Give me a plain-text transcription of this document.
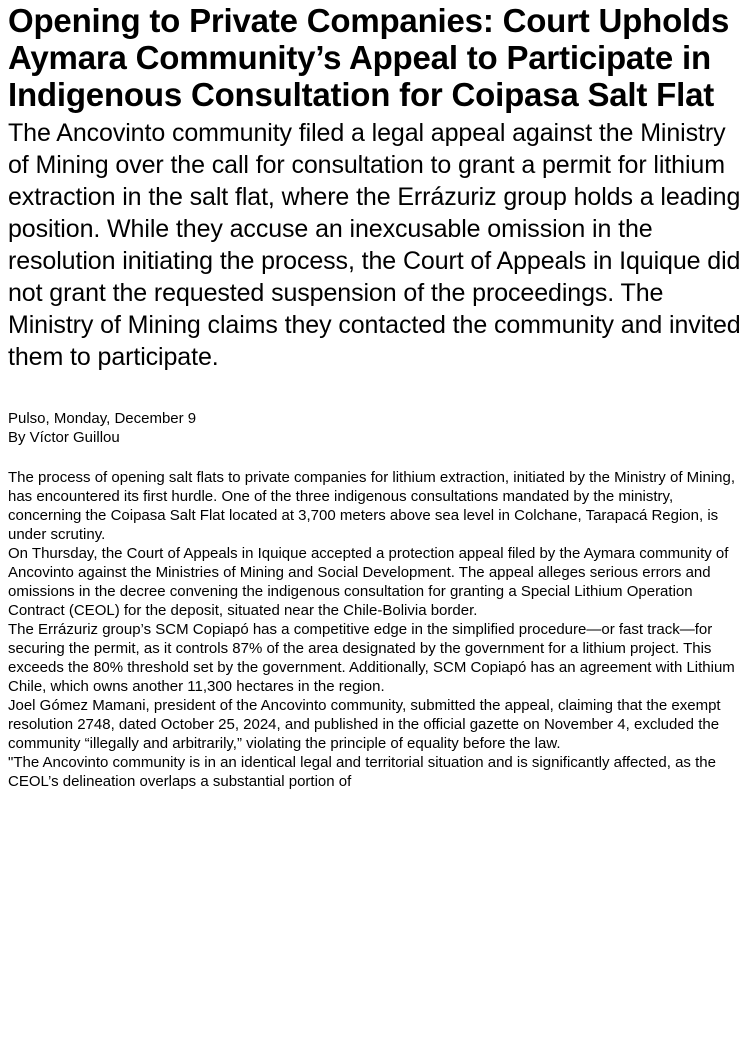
Opening to Private Companies: Court Upholds Aymara Community’s Appeal to Participate in Indigenous Consultation for Coipasa Salt Flat
The Ancovinto community filed a legal appeal against the Ministry of Mining over the call for consultation to grant a permit for lithium extraction in the salt flat, where the Errázuriz group holds a leading position. While they accuse an inexcusable omission in the resolution initiating the process, the Court of Appeals in Iquique did not grant the requested suspension of the proceedings. The Ministry of Mining claims they contacted the community and invited them to participate.
Pulso, Monday, December 9
By Víctor Guillou

The process of opening salt flats to private companies for lithium extraction, initiated by the Ministry of Mining, has encountered its first hurdle. One of the three indigenous consultations mandated by the ministry, concerning the Coipasa Salt Flat located at 3,700 meters above sea level in Colchane, Tarapacá Region, is under scrutiny.

On Thursday, the Court of Appeals in Iquique accepted a protection appeal filed by the Aymara community of Ancovinto against the Ministries of Mining and Social Development. The appeal alleges serious errors and omissions in the decree convening the indigenous consultation for granting a Special Lithium Operation Contract (CEOL) for the deposit, situated near the Chile-Bolivia border.

The Errázuriz group’s SCM Copiapó has a competitive edge in the simplified procedure—or fast track—for securing the permit, as it controls 87% of the area designated by the government for a lithium project. This exceeds the 80% threshold set by the government. Additionally, SCM Copiapó has an agreement with Lithium Chile, which owns another 11,300 hectares in the region.

Joel Gómez Mamani, president of the Ancovinto community, submitted the appeal, claiming that the exempt resolution 2748, dated October 25, 2024, and published in the official gazette on November 4, excluded the community “illegally and arbitrarily,” violating the principle of equality before the law.

"The Ancovinto community is in an identical legal and territorial situation and is significantly affected, as the CEOL’s delineation overlaps a substantial portion of
